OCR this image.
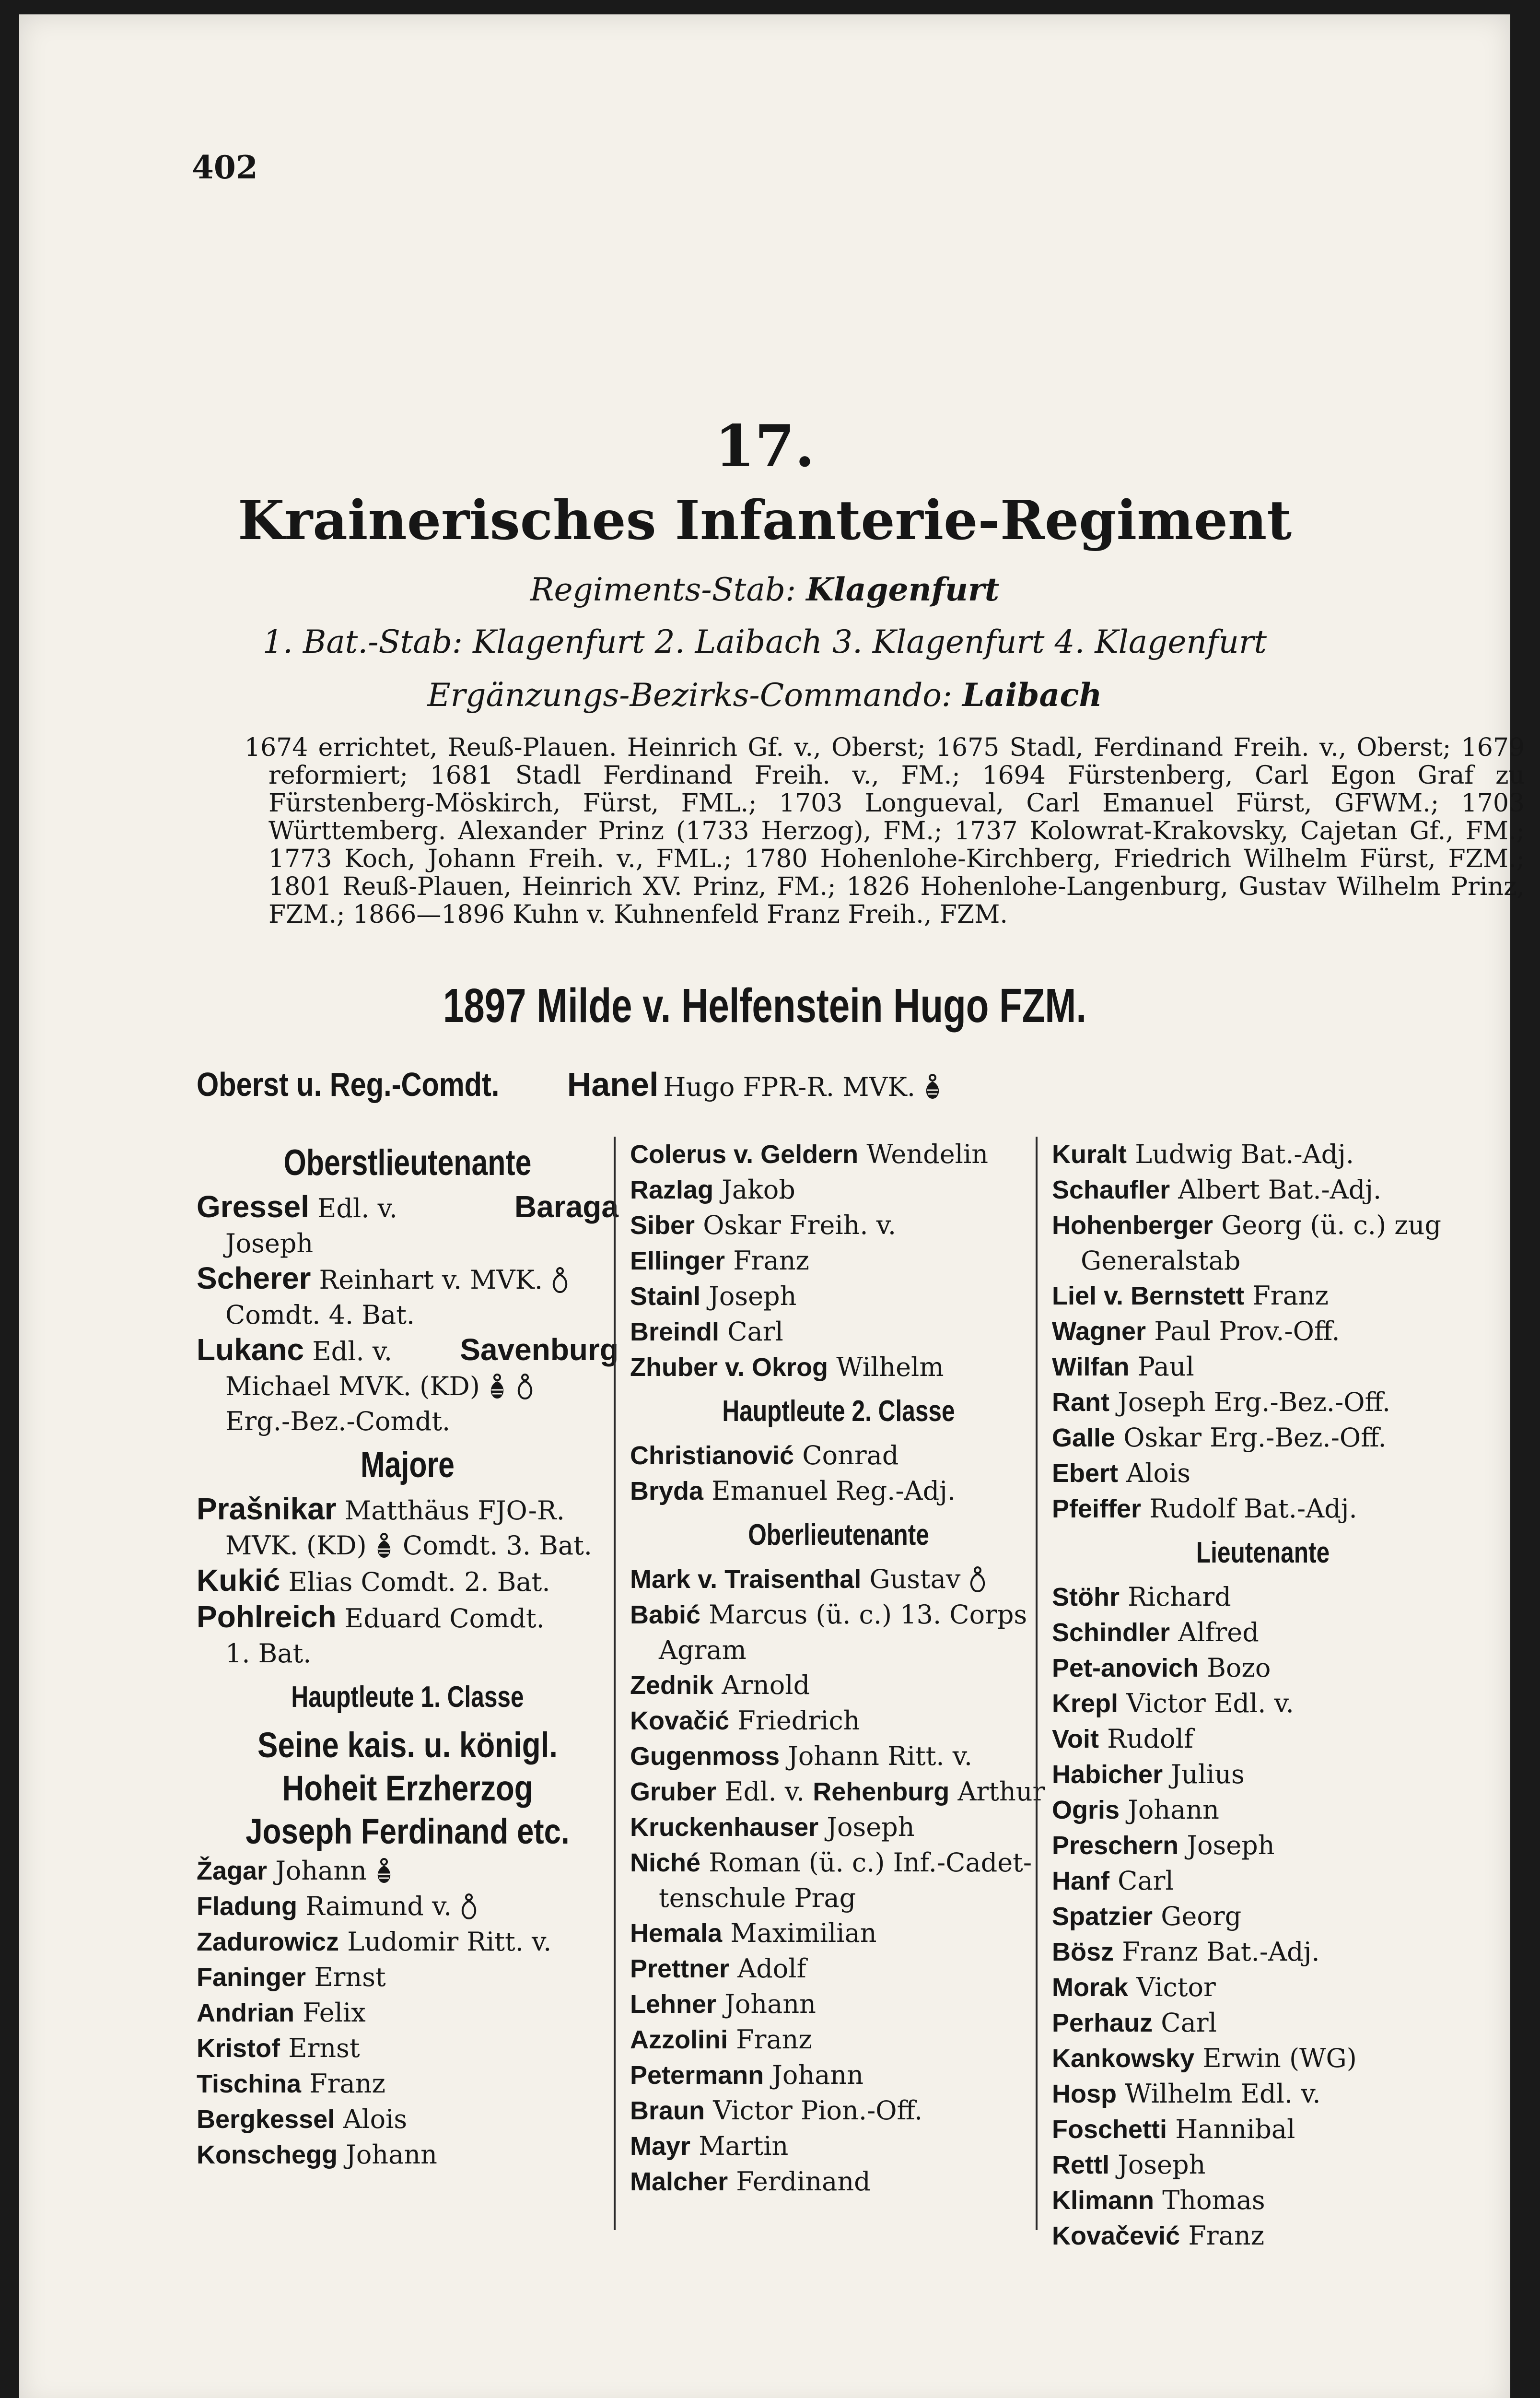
402
17.
Krainerisches Infanterie-Regiment
Regiments-Stab: Klagenfurt
1. Bat.-Stab: Klagenfurt 2. Laibach 3. Klagenfurt 4. Klagenfurt
Ergänzungs-Bezirks-Commando: Laibach
1674 errichtet, Reuß-Plauen. Heinrich Gf. v., Oberst; 1675 Stadl, Ferdinand Freih. v., Oberst; 1679 reformiert; 1681 Stadl Ferdinand Freih. v., FM.; 1694 Fürstenberg, Carl Egon Graf zu Fürstenberg-Möskirch, Fürst, FML.; 1703 Longueval, Carl Emanuel Fürst, GFWM.; 1703 Württemberg. Alexander Prinz (1733 Herzog), FM.; 1737 Kolowrat-Krakovsky, Cajetan Gf., FM.; 1773 Koch, Johann Freih. v., FML.; 1780 Hohenlohe-Kirchberg, Friedrich Wilhelm Fürst, FZM.; 1801 Reuß-Plauen, Heinrich XV. Prinz, FM.; 1826 Hohenlohe-Langenburg, Gustav Wilhelm Prinz, FZM.; 1866—1896 Kuhn v. Kuhnenfeld Franz Freih., FZM.
1897 Milde v. Helfenstein Hugo FZM.
Oberst u. Reg.-Comdt. Hanel Hugo FPR-R. MVK.
Oberstlieutenante
Gressel Edl. v.	Baraga
Joseph
Scherer Reinhart v. MVK.
Comdt. 4. Bat.
Lukanc Edl. v. Savenburg
Michael MVK. (KD)
Erg.-Bez.-Comdt.
Majore
Prašnikar Matthäus FJO-R.
MVK. (KD) Comdt. 3. Bat.
Kukić Elias Comdt. 2. Bat.
Pohlreich Eduard Comdt.
1. Bat.
Hauptleute 1. Classe
Seine kais. u. königl. Hoheit Erzherzog Joseph Ferdinand etc.
Žagar Johann
Fladung Raimund v.
Zadurowicz Ludomir Ritt. v.
Faninger Ernst
Andrian Felix
Kristof Ernst
Tischina Franz
Bergkessel Alois
Konschegg Johann
Colerus v. Geldern Wendelin
Razlag Jakob
Siber Oskar Freih. v.
Ellinger Franz
Stainl Joseph
Breindl Carl
Zhuber v. Okrog Wilhelm
Hauptleute 2. Classe
Christianović Conrad
Bryda Emanuel Reg.-Adj.
Oberlieutenante
Mark v. Traisenthal Gustav
Babić Marcus (ü. c.) 13. Corps
Agram
Zednik Arnold
Kovačić Friedrich
Gugenmoss Johann Ritt. v.
Gruber Edl. v. Rehenburg Arthur
Kruckenhauser Joseph
Niché Roman (ü. c.) Inf.-Cadet-
tenschule Prag
Hemala Maximilian
Prettner Adolf
Lehner Johann
Azzolini Franz
Petermann Johann
Braun Victor Pion.-Off.
Mayr Martin
Malcher Ferdinand
Kuralt Ludwig Bat.-Adj.
Schaufler Albert Bat.-Adj.
Hohenberger Georg (ü. c.) zug
Generalstab
Liel v. Bernstett Franz
Wagner Paul Prov.-Off.
Wilfan Paul
Rant Joseph Erg.-Bez.-Off.
Galle Oskar Erg.-Bez.-Off.
Ebert Alois
Pfeiffer Rudolf Bat.-Adj.
Lieutenante
Stöhr Richard
Schindler Alfred
Pet-anovich Bozo
Krepl Victor Edl. v.
Voit Rudolf
Habicher Julius
Ogris Johann
Preschern Joseph
Hanf Carl
Spatzier Georg
Bösz Franz Bat.-Adj.
Morak Victor
Perhauz Carl
Kankowsky Erwin (WG)
Hosp Wilhelm Edl. v.
Foschetti Hannibal
Rettl Joseph
Klimann Thomas
Kovačević Franz
